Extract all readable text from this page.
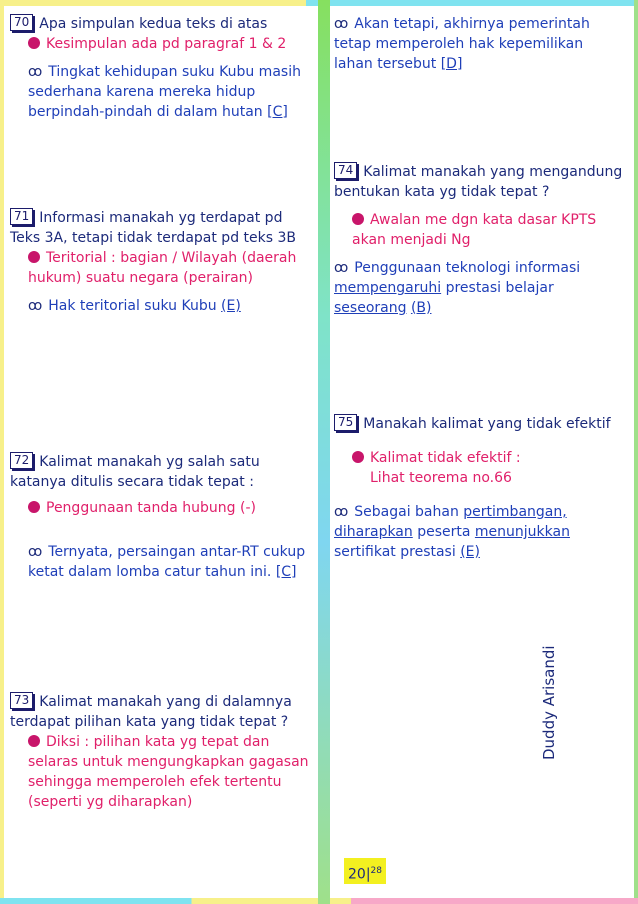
70 Apa simpulan kedua teks di atas
Kesimpulan ada pd paragraf 1 & 2
ꝏ Tingkat kehidupan suku Kubu masih sederhana karena mereka hidup berpindah-pindah di dalam hutan [C]
71 Informasi manakah yg terdapat pd Teks 3A, tetapi tidak terdapat pd teks 3B
Teritorial : bagian / Wilayah (daerah hukum) suatu negara (perairan)
ꝏ Hak teritorial suku Kubu (E)
72 Kalimat manakah yg salah satu katanya ditulis secara tidak tepat :
Penggunaan tanda hubung (-)
ꝏ Ternyata, persaingan antar-RT cukup ketat dalam lomba catur tahun ini. [C]
73 Kalimat manakah yang di dalamnya terdapat pilihan kata yang tidak tepat ?
Diksi : pilihan kata yg tepat dan selaras untuk mengungkapkan gagasan sehingga memperoleh efek tertentu (seperti yg diharapkan)
ꝏ Akan tetapi, akhirnya pemerintah tetap memperoleh hak kepemilikan lahan tersebut [D]
74 Kalimat manakah yang mengandung bentukan kata yg tidak tepat ?
Awalan me dgn kata dasar KPTS akan menjadi Ng
ꝏ Penggunaan teknologi informasi mempengaruhi prestasi belajar seseorang (B)
75 Manakah kalimat yang tidak efektif
Kalimat tidak efektif :
Lihat teorema no.66
ꝏ Sebagai bahan pertimbangan, diharapkan peserta menunjukkan sertifikat prestasi (E)
$20|^{28}$
Duddy Arisandi
